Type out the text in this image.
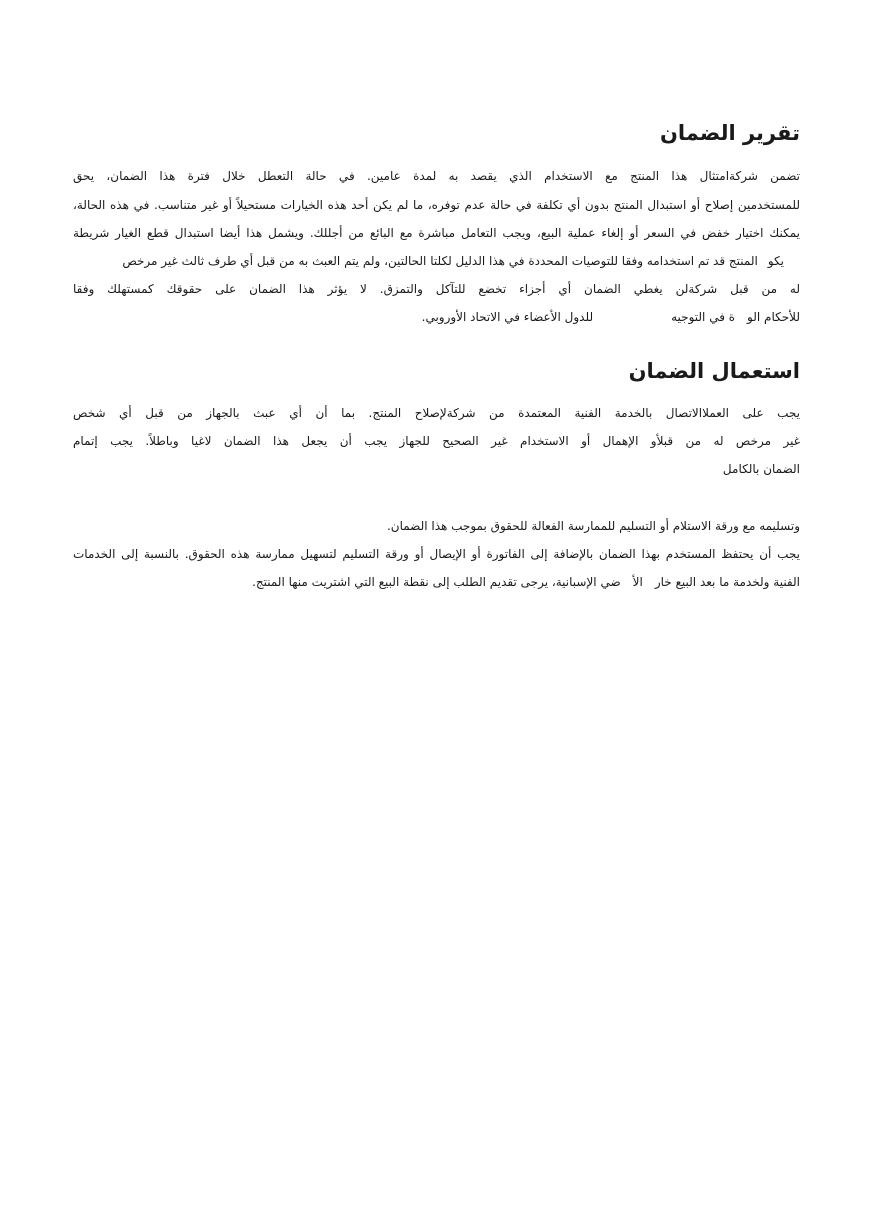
تقرير الضمان

تضمن شركةامتثال هذا المنتج مع الاستخدام الذي يقصد به لمدة عامين. في حالة التعطل خلال فترة هذا الضمان، يحق

للمستخدمين إصلاح أو استبدال المنتج بدون أي تكلفة في حالة عدم توفره، ما لم يكن أحد هذه الخيارات مستحيلاً أو غير متناسب. في هذه الحالة،

يمكنك اختيار خفض في السعر أو إلغاء عملية البيع، ويجب التعامل مباشرة مع البائع من أجللك. ويشمل هذا أيضا استبدال قطع الغيار شريطة

يكوالمنتج قد تم استخدامه وفقا للتوصيات المحددة في هذا الدليل لكلتا الحالتين، ولم يتم العبث به من قبل أي طرف ثالث غير مرخص

له من قبل شركةلن يغطي الضمان أي أجزاء تخضع للتآكل والتمزق. لا يؤثر هذا الضمان على حقوقك كمستهلك وفقا

للأحكام الوة في التوجيهللدول الأعضاء في الاتحاد الأوروبي.

استعمال الضمان

يجب على العملاالاتصال بالخدمة الفنية المعتمدة من شركةلإصلاح المنتج. بما أن أي عبث بالجهاز من قبل أي شخص

غير مرخص له من قبلأو الإهمال أو الاستخدام غير الصحيح للجهاز يجب أن يجعل هذا الضمان لاغيا وباطلاً. يجب إتمام

الضمان بالكامل

وتسليمه مع ورقة الاستلام أو التسليم للممارسة الفعالة للحقوق بموجب هذا الضمان.

يجب أن يحتفظ المستخدم بهذا الضمان بالإضافة إلى الفاتورة أو الإيصال أو ورقة التسليم لتسهيل ممارسة هذه الحقوق. بالنسبة إلى الخدمات

الفنية ولخدمة ما بعد البيع خارالأضي الإسبانية، يرجى تقديم الطلب إلى نقطة البيع التي اشتريت منها المنتج.
